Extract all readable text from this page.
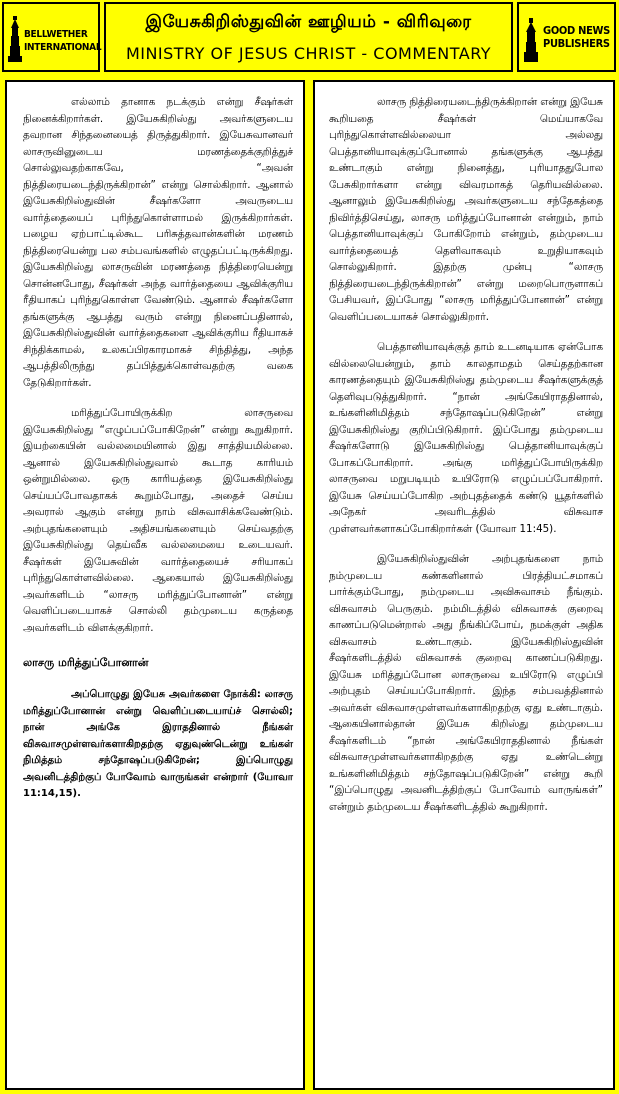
BELLWETHER
INTERNATIONAL
இயேசுகிறிஸ்துவின் ஊழியம் - விரிவுரை
MINISTRY OF JESUS CHRIST - COMMENTARY
GOOD NEWS
PUBLISHERS

எல்லாம் தானாக நடக்கும் என்று சீஷர்கள் நினைக்கிறார்கள். இயேசுகிறிஸ்து அவர்களுடைய தவறான சிந்தனையைத் திருத்துகிறார். இயேசுவானவர் லாசருவினுடைய மரணத்தைக்குறித்துச் சொல்லுவதற்காகவே, “அவன் நித்திரையடைந்திருக்கிறான்” என்று சொல்கிறார். ஆனால் இயேசுகிறிஸ்துவின் சீஷர்களோ அவருடைய வார்த்தையைப் புரிந்துகொள்ளாமல் இருக்கிறார்கள். பழைய ஏற்பாட்டில்கூட பரிசுத்தவான்களின் மரணம் நித்திரையென்று பல சம்பவங்களில் எழுதப்பட்டிருக்கிறது. இயேசுகிறிஸ்து லாசருவின் மரணத்தை நித்திரையென்று சொன்னபோது, சீஷர்கள் அந்த வார்த்தையை ஆவிக்குரிய ரீதியாகப் புரிந்துகொள்ள வேண்டும். ஆனால் சீஷர்களோ தங்களுக்கு ஆபத்து வரும் என்று நினைப்பதினால், இயேசுகிறிஸ்துவின் வார்த்தைகளை ஆவிக்குரிய ரீதியாகச் சிந்திக்காமல், உலகப்பிரகாரமாகச் சிந்தித்து, அந்த ஆபத்திலிருந்து தப்பித்துக்கொள்வதற்கு வகை தேடுகிறார்கள்.

மரித்துப்போயிருக்கிற லாசருவை இயேசுகிறிஸ்து “எழுப்பப்போகிறேன்” என்று கூறுகிறார். இயற்கையின் வல்லமையினால் இது சாத்தியமில்லை. ஆனால் இயேசுகிறிஸ்துவால் கூடாத காரியம் ஒன்றுமில்லை. ஒரு காரியத்தை இயேசுகிறிஸ்து செய்யப்போவதாகக் கூறும்போது, அதைச் செய்ய அவரால் ஆகும் என்று நாம் விசுவாசிக்கவேண்டும். அற்புதங்களையும் அதிசயங்களையும் செய்வதற்கு இயேசுகிறிஸ்து தெய்வீக வல்லமையை உடையவர். சீஷர்கள் இயேசுவின் வார்த்தையைச் சரியாகப் புரிந்துகொள்ளவில்லை. ஆகையால் இயேசுகிறிஸ்து அவர்களிடம் “லாசரு மரித்துப்போனான்” என்று வெளிப்படையாகச் சொல்லி தம்முடைய கருத்தை அவர்களிடம் விளக்குகிறார்.

லாசரு மரித்துப்போனான்

அப்பொழுது இயேசு அவர்களை நோக்கி: லாசரு மரித்துப்போனான் என்று வெளிப்படையாய்ச் சொல்லி; நான் அங்கே இராததினால் நீங்கள் விசுவாசமுள்ளவர்களாகிறதற்கு ஏதுவுண்டென்று உங்கள் நிமித்தம் சந்தோஷப்படுகிறேன்; இப்பொழுது அவனிடத்திற்குப் போவோம் வாருங்கள் என்றார் (யோவா 11:14,15).

லாசரு நித்திரையடைந்திருக்கிறான் என்று இயேசு கூறியதை சீஷர்கள் மெய்யாகவே புரிந்துகொள்ளவில்லையா அல்லது பெத்தானியாவுக்குப்போனால் தங்களுக்கு ஆபத்து உண்டாகும் என்று நினைத்து, புரியாததுபோல பேசுகிறார்களா என்று விவரமாகத் தெரியவில்லை. ஆனாலும் இயேசுகிறிஸ்து அவர்களுடைய சந்தேகத்தை நிவிர்த்திசெய்து, லாசரு மரித்துப்போனான் என்றும், நாம் பெத்தானியாவுக்குப் போகிறோம் என்றும், தம்முடைய வார்த்தையைத் தெளிவாகவும் உறுதியாகவும் சொல்லுகிறார். இதற்கு முன்பு “லாசரு நித்திரையடைந்திருக்கிறான்” என்று மறைபொருளாகப் பேசியவர், இப்போது “லாசரு மரித்துப்போனான்” என்று வெளிப்படையாகச் சொல்லுகிறார்.

பெத்தானியாவுக்குத் தாம் உடனடியாக ஏன்போக வில்லையென்றும், தாம் காலதாமதம் செய்ததற்கான காரணத்தையும் இயேசுகிறிஸ்து தம்முடைய சீஷர்களுக்குத் தெளிவுபடுத்துகிறார். “நான் அங்கேயிராததினால், உங்களினிமித்தம் சந்தோஷப்படுகிறேன்” என்று இயேசுகிறிஸ்து குறிப்பிடுகிறார். இப்போது தம்முடைய சீஷர்களோடு இயேசுகிறிஸ்து பெத்தானியாவுக்குப் போகப்போகிறார். அங்கு மரித்துப்போயிருக்கிற லாசருவை மறுபடியும் உயிரோடு எழுப்பப்போகிறார். இயேசு செய்யப்போகிற அற்புதத்தைக் கண்டு யூதர்களில் அநேகர் அவரிடத்தில் விசுவாச முள்ளவர்களாகப்போகிறார்கள் (யோவா 11:45).

இயேசுகிறிஸ்துவின் அற்புதங்களை நாம் நம்முடைய கண்களினால் பிரத்தியட்சமாகப் பார்க்கும்போது, நம்முடைய அவிசுவாசம் நீங்கும். விசுவாசம் பெருகும். நம்மிடத்தில் விசுவாசக் குறைவு காணப்படுமென்றால் அது நீங்கிப்போய், நமக்குள் அதிக விசுவாசம் உண்டாகும். இயேசுகிறிஸ்துவின் சீஷர்களிடத்தில் விசுவாசக் குறைவு காணப்படுகிறது. இயேசு மரித்துப்போன லாசருவை உயிரோடு எழுப்பி அற்புதம் செய்யப்போகிறார். இந்த சம்பவத்தினால் அவர்கள் விசுவாசமுள்ளவர்களாகிறதற்கு ஏது உண்டாகும். ஆகையினால்தான் இயேசு கிறிஸ்து தம்முடைய சீஷர்களிடம் “நான் அங்கேயிராததினால் நீங்கள் விசுவாசமுள்ளவர்களாகிறதற்கு ஏது உண்டென்று உங்களினிமித்தம் சந்தோஷப்படுகிறேன்” என்று கூறி “இப்பொழுது அவனிடத்திற்குப் போவோம் வாருங்கள்” என்றும் தம்முடைய சீஷர்களிடத்தில் கூறுகிறார்.
